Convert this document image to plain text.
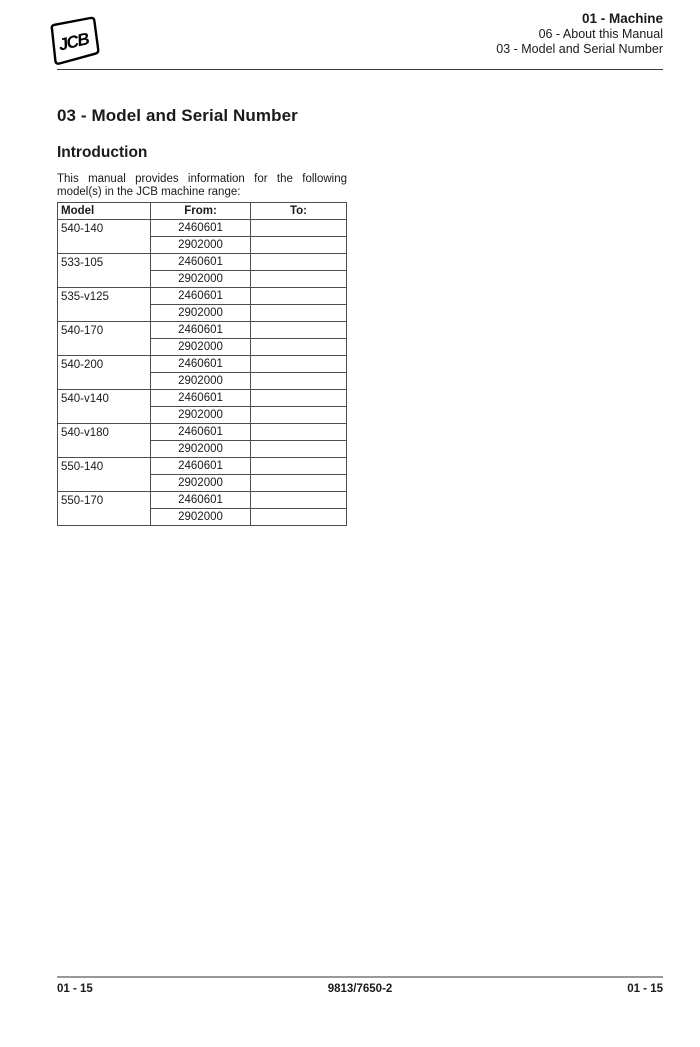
JCB
01 - Machine
06 - About this Manual
03 - Model and Serial Number
03 - Model and Serial Number
Introduction

This manual provides information for the following model(s) in the JCB machine range:

Model	From:	To:
540-140	2460601	
	2902000	
533-105	2460601	
	2902000	
535-v125	2460601	
	2902000	
540-170	2460601	
	2902000	
540-200	2460601	
	2902000	
540-v140	2460601	
	2902000	
540-v180	2460601	
	2902000	
550-140	2460601	
	2902000	
550-170	2460601	
	2902000	
01 - 15	9813/7650-2	01 - 15
